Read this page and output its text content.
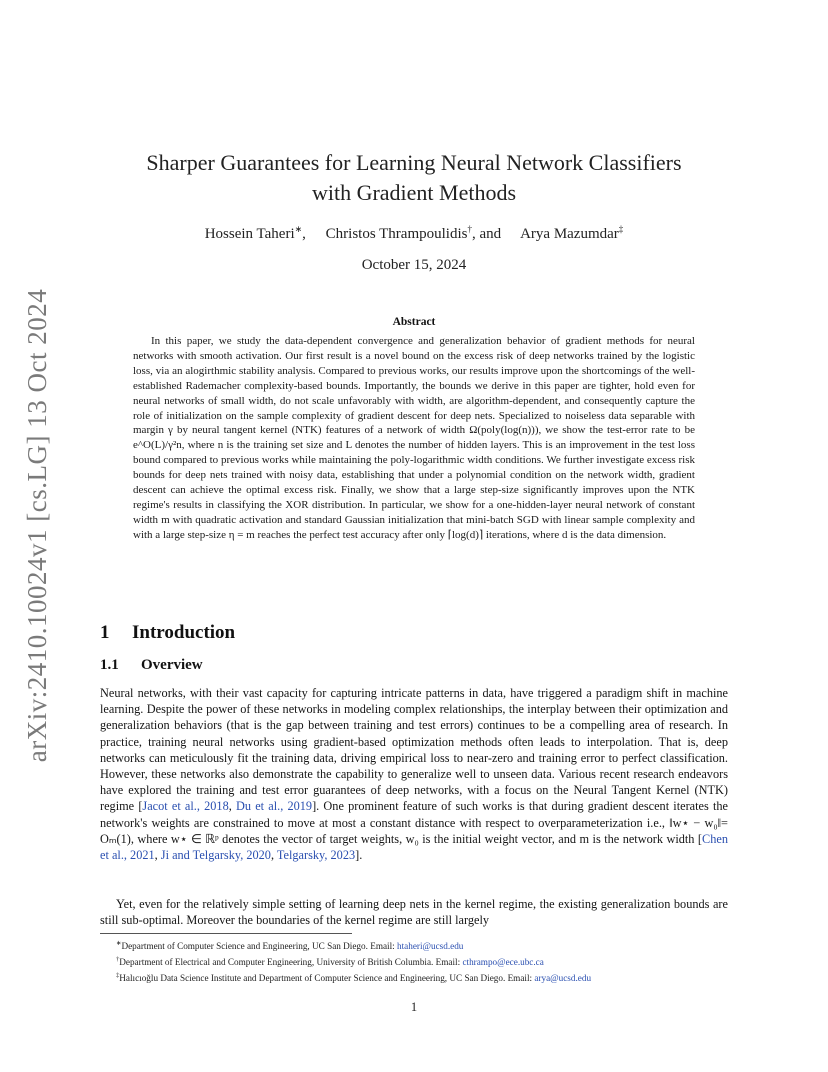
arXiv:2410.10024v1 [cs.LG] 13 Oct 2024
Sharper Guarantees for Learning Neural Network Classifiers
with Gradient Methods
Hossein Taheri∗, Christos Thrampoulidis†, and Arya Mazumdar‡
October 15, 2024
Abstract
In this paper, we study the data-dependent convergence and generalization behavior of gradient methods for neural networks with smooth activation. Our first result is a novel bound on the excess risk of deep networks trained by the logistic loss, via an alogirthmic stability analysis. Compared to previous works, our results improve upon the shortcomings of the well-established Rademacher complexity-based bounds. Importantly, the bounds we derive in this paper are tighter, hold even for neural networks of small width, do not scale unfavorably with width, are algorithm-dependent, and consequently capture the role of initialization on the sample complexity of gradient descent for deep nets. Specialized to noiseless data separable with margin γ by neural tangent kernel (NTK) features of a network of width Ω(poly(log(n))), we show the test-error rate to be e^O(L)/γ²n, where n is the training set size and L denotes the number of hidden layers. This is an improvement in the test loss bound compared to previous works while maintaining the poly-logarithmic width conditions. We further investigate excess risk bounds for deep nets trained with noisy data, establishing that under a polynomial condition on the network width, gradient descent can achieve the optimal excess risk. Finally, we show that a large step-size significantly improves upon the NTK regime's results in classifying the XOR distribution. In particular, we show for a one-hidden-layer neural network of constant width m with quadratic activation and standard Gaussian initialization that mini-batch SGD with linear sample complexity and with a large step-size η = m reaches the perfect test accuracy after only ⌈log(d)⌉ iterations, where d is the data dimension.
1 Introduction
1.1 Overview
Neural networks, with their vast capacity for capturing intricate patterns in data, have triggered a paradigm shift in machine learning. Despite the power of these networks in modeling complex relationships, the interplay between their optimization and generalization behaviors (that is the gap between training and test errors) continues to be a compelling area of research. In practice, training neural networks using gradient-based optimization methods often leads to interpolation. That is, deep networks can meticulously fit the training data, driving empirical loss to near-zero and training error to perfect classification. However, these networks also demonstrate the capability to generalize well to unseen data. Various recent research endeavors have explored the training and test error guarantees of deep networks, with a focus on the Neural Tangent Kernel (NTK) regime [Jacot et al., 2018, Du et al., 2019]. One prominent feature of such works is that during gradient descent iterates the network's weights are constrained to move at most a constant distance with respect to overparameterization i.e., ‖w⋆ − w₀‖= Oₘ(1), where w⋆ ∈ ℝᵖ denotes the vector of target weights, w₀ is the initial weight vector, and m is the network width [Chen et al., 2021, Ji and Telgarsky, 2020, Telgarsky, 2023].
Yet, even for the relatively simple setting of learning deep nets in the kernel regime, the existing generalization bounds are still sub-optimal. Moreover the boundaries of the kernel regime are still largely
∗Department of Computer Science and Engineering, UC San Diego. Email: htaheri@ucsd.edu
†Department of Electrical and Computer Engineering, University of British Columbia. Email: cthrampo@ece.ubc.ca
‡Halıcıoğlu Data Science Institute and Department of Computer Science and Engineering, UC San Diego. Email: arya@ucsd.edu
1
